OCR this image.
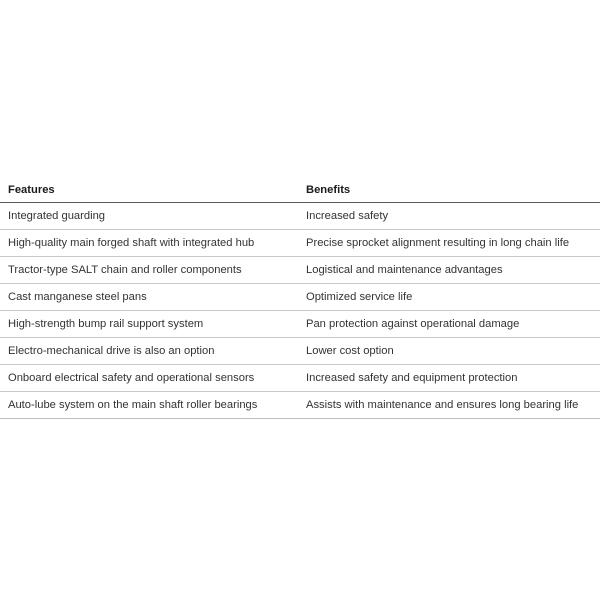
Features	Benefits
Integrated guarding	Increased safety
High-quality main forged shaft with integrated hub	Precise sprocket alignment resulting in long chain life
Tractor-type SALT chain and roller components	Logistical and maintenance advantages
Cast manganese steel pans	Optimized service life
High-strength bump rail support system	Pan protection against operational damage
Electro-mechanical drive is also an option	Lower cost option
Onboard electrical safety and operational sensors	Increased safety and equipment protection
Auto-lube system on the main shaft roller bearings	Assists with maintenance and ensures long bearing life
